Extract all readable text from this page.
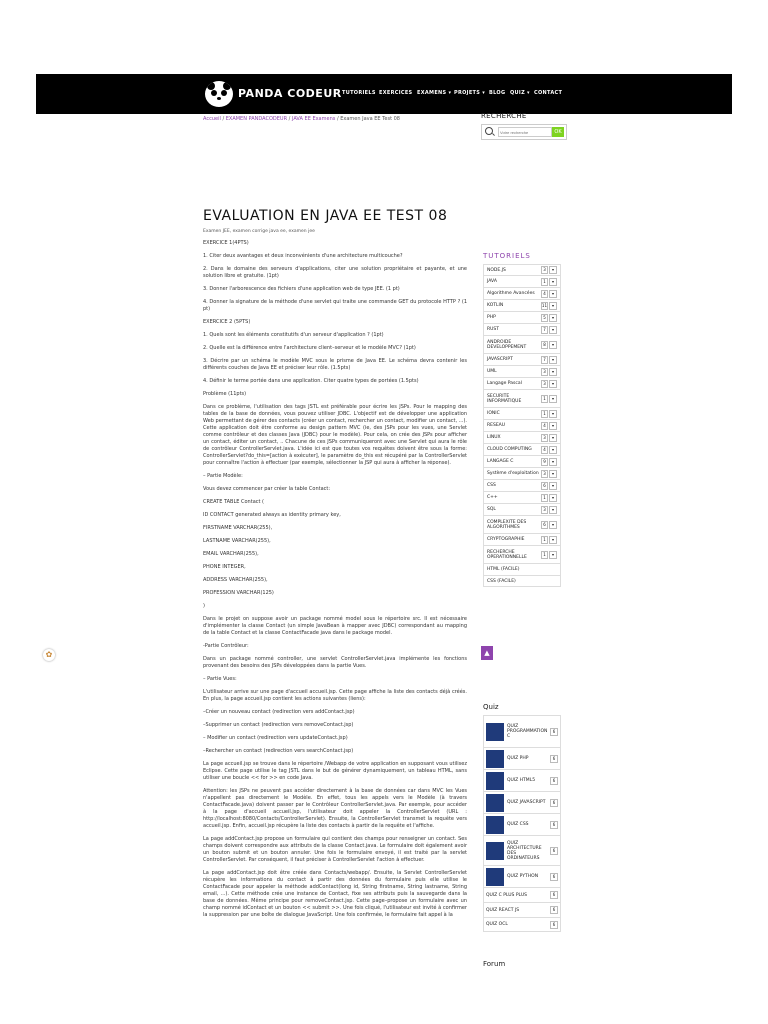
PANDA CODEUR TUTORIELS EXERCICES EXAMENS ▾ PROJETS ▾ BLOG QUIZ ▾ CONTACT
Accueil / EXAMEN PANDACODEUR / JAVA EE Examens / Examen Java EE Test 08	RECHERCHE
Votre recherche
OK
EVALUATION EN JAVA EE TEST 08
Examen JEE, examen corrige java ee, examen jee

EXERCICE 1(4PTS)

1. Citer deux avantages et deux inconvénients d'une architecture multicouche?

2. Dans le domaine des serveurs d'applications, citer une solution propriétaire et payante, et une solution libre et gratuite. (1pt)

3. Donner l'arborescence des fichiers d'une application web de type JEE. (1 pt)

4. Donner la signature de la méthode d'une servlet qui traite une commande GET du protocole HTTP ? (1 pt)

EXERCICE 2 (5PTS)

1. Quels sont les éléments constitutifs d'un serveur d'application ? (1pt)

2. Quelle est la différence entre l'architecture client–serveur et le modèle MVC? (1pt)

3. Décrire par un schéma le modèle MVC sous le prisme de Java EE. Le schéma devra contenir les différents couches de Java EE et préciser leur rôle. (1.5pts)

4. Définir le terme portée dans une application. Citer quatre types de portées (1.5pts)

Problème (11pts)

Dans ce problème, l'utilisation des tags JSTL est préférable pour écrire les JSPs. Pour le mapping des tables de la base de données, vous pouvez utiliser JDBC. L'objectif est de développer une application Web permettant de gérer des contacts (créer un contact, rechercher un contact, modifier un contact, ...). Cette application doit être conforme au design pattern MVC (ie, des JSPs pour les vues, une Servlet comme contrôleur et des classes Java (JDBC) pour le modèle). Pour cela, on crée des JSPs pour afficher un contact, éditer un contact, .. Chacune de ces JSPs communiqueront avec une Servlet qui aura le rôle de contrôleur ControllerServlet.java. L'idée ici est que toutes vos requêtes doivent être sous la forme: ControllerServlet?do_this=[action à exécuter], le paramètre do_this est récupéré par la ControllerServlet pour connaître l'action à effectuer (par exemple, sélectionner la JSP qui aura à afficher la réponse).

– Partie Modèle:

Vous devez commencer par créer la table Contact:

CREATE TABLE Contact (

ID CONTACT generated always as identity primary key,

FIRSTNAME VARCHAR(255),

LASTNAME VARCHAR(255),

EMAIL VARCHAR(255),

PHONE INTEGER,

ADDRESS VARCHAR(255),

PROFESSION VARCHAR(125)

)

Dans le projet on suppose avoir un package nommé model sous le répertoire src. Il est nécessaire d'implémenter la classe Contact (un simple JavaBean à mapper avec JDBC) correspondant au mapping de la table Contact et la classe ContactFacade java dans le package model.

-Partie Contrôleur:

Dans un package nommé controller, une servlet ControllerServlet.java implémente les fonctions provenant des besoins des JSPs développées dans la partie Vues.

– Partie Vues:

L'utilisateur arrive sur une page d'accueil accueil.jsp. Cette page affiche la liste des contacts déjà créés. En plus, la page accueil.jsp contient les actions suivantes (liens):

–Créer un nouveau contact (redirection vers addContact.jsp)

–Supprimer un contact (redirection vers removeContact.jsp)

– Modifier un contact (redirection vers updateContact.jsp)

–Rechercher un contact (redirection vers searchContact.jsp)

La page accueil.jsp se trouve dans le répertoire /Webapp de votre application en supposant vous utilisez Eclipse. Cette page utilise le tag JSTL dans le but de générer dynamiquement, un tableau HTML, sans utiliser une boucle << for >> en code Java.

Attention: les JSPs ne peuvent pas accéder directement à la base de données car dans MVC les Vues n'appellent pas directement le Modèle. En effet, tous les appels vers le Modèle (à travers ContactFacade.java) doivent passer par le Contrôleur ControllerServlet.java. Par exemple, pour accéder à la page d'accueil accueil.jsp, l'utilisateur doit appeler la ControllerServlet (URL : http://localhost:8080/Contacts/ControllerServlet). Ensuite, la ControllerServlet transmet la requête vers accueil.jsp. Enfin, accueil.jsp récupère la liste des contacts à partir de la requête et l'affiche.

La page addContact.jsp propose un formulaire qui contient des champs pour renseigner un contact. Ses champs doivent correspondre aux attributs de la classe Contact.java. Le formulaire doit également avoir un bouton submit et un bouton annuler. Une fois le formulaire envoyé, il est traité par la servlet ControllerServlet. Par conséquent, il faut préciser à ControllerServlet l'action à effectuer.

La page addContact.jsp doit être créée dans Contacts/webapp/. Ensuite, la Servlet ControllerServlet récupère les informations du contact à partir des données du formulaire puis elle utilise le ContactFacade pour appeler la méthode addContact(long id, String firstname, String lastname, String email, ...). Cette méthode crée une instance de Contact, fixe ses attributs puis la sauvegarde dans la base de données. Même principe pour removeContact.jsp. Cette page–propose un formulaire avec un champ nommé idContact et un bouton << submit >>. Une fois cliqué, l'utilisateur est invité à confirmer la suppression par une boîte de dialogue JavaScript. Une fois confirmée, le formulaire fait appel à la

TUTORIELS
NODE.JS	3	▾
JAVA	1	▾
Algorithme Avancées	4	▾
KOTLIN	11	▾
PHP	5	▾
RUST	7	▾
ANDROIDE DEVELOPPEMENT
8	▾
JAVASCRIPT	7	▾
UML	3	▾
Langage Pascal	3	▾
SECURITE INFORMATIQUE
1	▾
IONIC	1	▾
RESEAU	4	▾
LINUX	3	▾
CLOUD COMPUTING	4	▾
LANGAGE C	9	▾
Système d'exploitation	3	▾
CSS	6	▾
C++	1	▾
SQL	3	▾
COMPLEXITE DES ALGORITHMES
6	▾
CRYPTOGRAPHIE	1	▾
RECHERCHE OPERATIONNELLE
1	▾
HTML (FACILE)
CSS (FACILE)
▲
Quiz
QUIZ PROGRAMMATION C
6
QUIZ PHP	6
QUIZ HTML5	6
QUIZ JAVASCRIPT	6
QUIZ CSS	6
QUIZ ARCHITECTURE DES ORDINATEURS
6
QUIZ PYTHON	6
QUIZ C PLUS PLUS	6
QUIZ REACT JS	6
QUIZ OCL	6
Forum
✿
